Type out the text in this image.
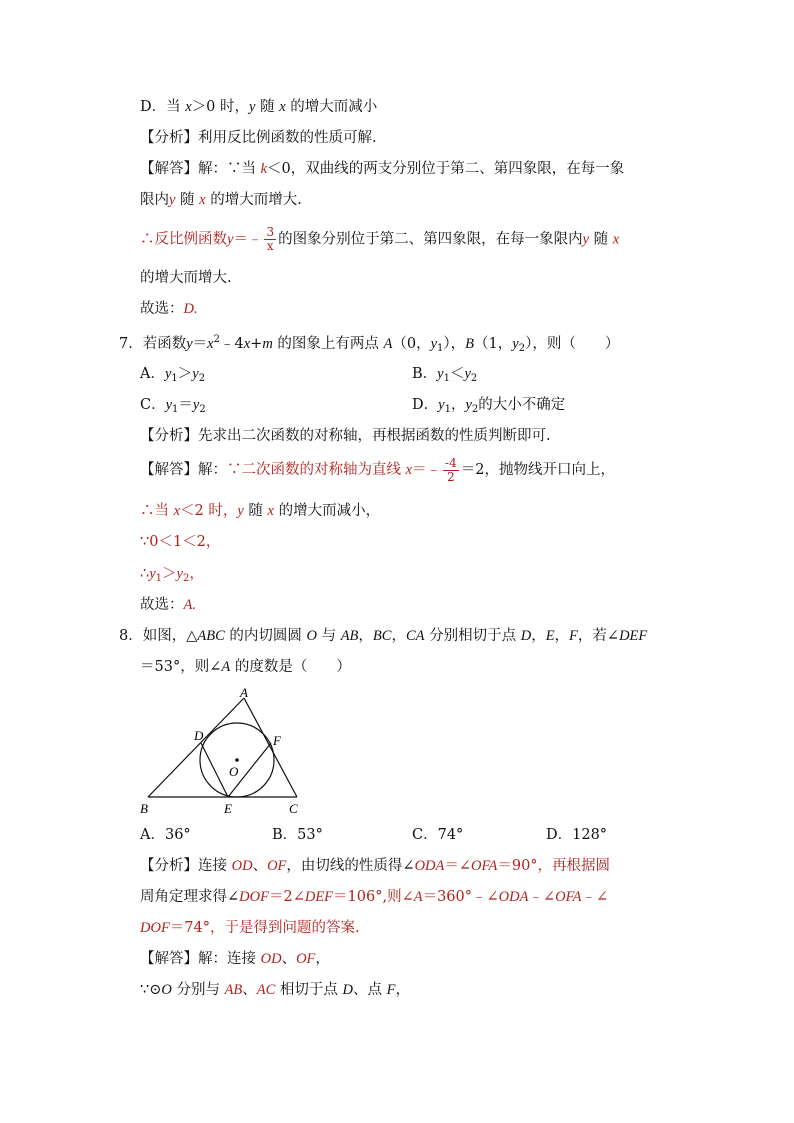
D．当 x＞0 时，y 随 x 的增大而减小
【分析】利用反比例函数的性质可解.
【解答】解：∵当 k＜0，双曲线的两支分别位于第二、第四象限，在每一象
限内y 随 x 的增大而增大.
∴反比例函数y＝﹣ $\frac{3}{x}$ 的图象分别位于第二、第四象限，在每一象限内y 随 x
的增大而增大.
故选：D.
7．若函数$y=x^2﹣4x+m$ 的图象上有两点 A（0，$y_1$），B（1，$y_2$），则（　　）
A．$y_1>y_2$	B．$y_1<y_2$
C．$y_1=y_2$	D．$y_1$，$y_2$的大小不确定
【分析】先求出二次函数的对称轴，再根据函数的性质判断即可.
【解答】解：∵二次函数的对称轴为直线 x＝﹣ $\frac{-4}{2} =2$，抛物线开口向上，
∴当 x＜2 时，y 随 x 的增大而减小，
∵0＜1＜2，
$\therefore y_1>y_2$，
故选：A.
8．如图，△ABC 的内切圆圆 O 与 AB，BC，CA 分别相切于点 D，E，F，若∠DEF
＝53°，则∠A 的度数是（　　）
A
B	C
D
E
F
O
A．36°	B．53°	C．74°	D．128°
【分析】连接 OD、OF，由切线的性质得∠ODA＝∠OFA＝90°，再根据圆
周角定理求得∠DOF＝2∠DEF＝106°,则∠A＝360°﹣∠ODA﹣∠OFA﹣∠
DOF＝74°，于是得到问题的答案.
【解答】解：连接 OD、OF，
∵⊙O 分别与 AB、AC 相切于点 D、点 F，
